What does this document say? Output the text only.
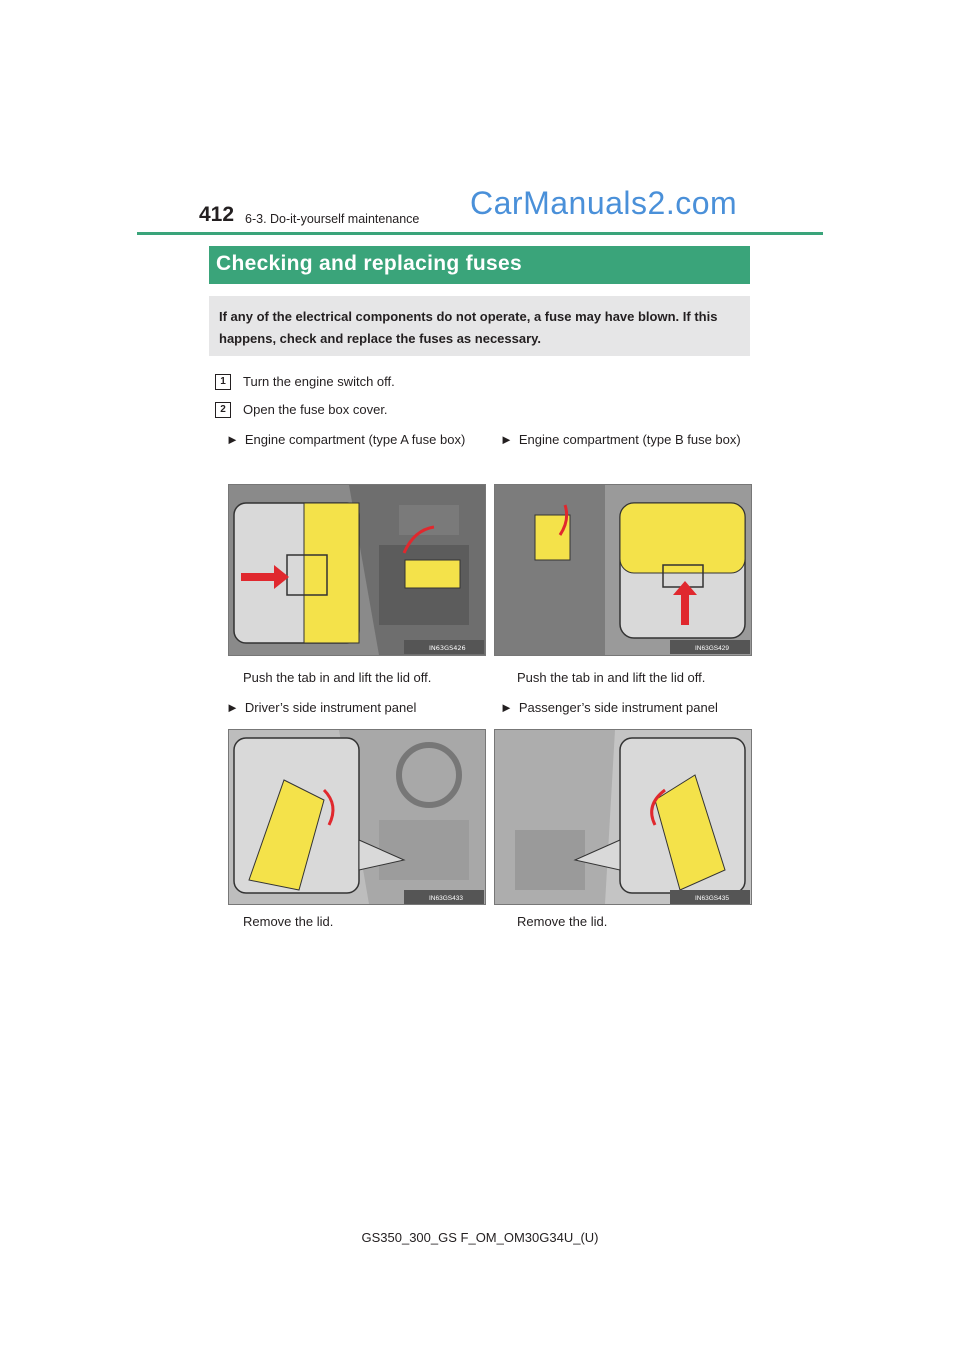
412 6-3. Do-it-yourself maintenance CarManuals2.com
Checking and replacing fuses
If any of the electrical components do not operate, a fuse may have blown. If this happens, check and replace the fuses as necessary.
1	Turn the engine switch off.
2	Open the fuse box cover.
► Engine compartment (type A fuse box)	► Engine compartment (type B fuse box)
IN63GS426	IN63GS429
Push the tab in and lift the lid off.	Push the tab in and lift the lid off.
► Driver’s side instrument panel	► Passenger’s side instrument panel
IN63GS433	IN63GS435
Remove the lid.	Remove the lid.
GS350_300_GS F_OM_OM30G34U_(U)
